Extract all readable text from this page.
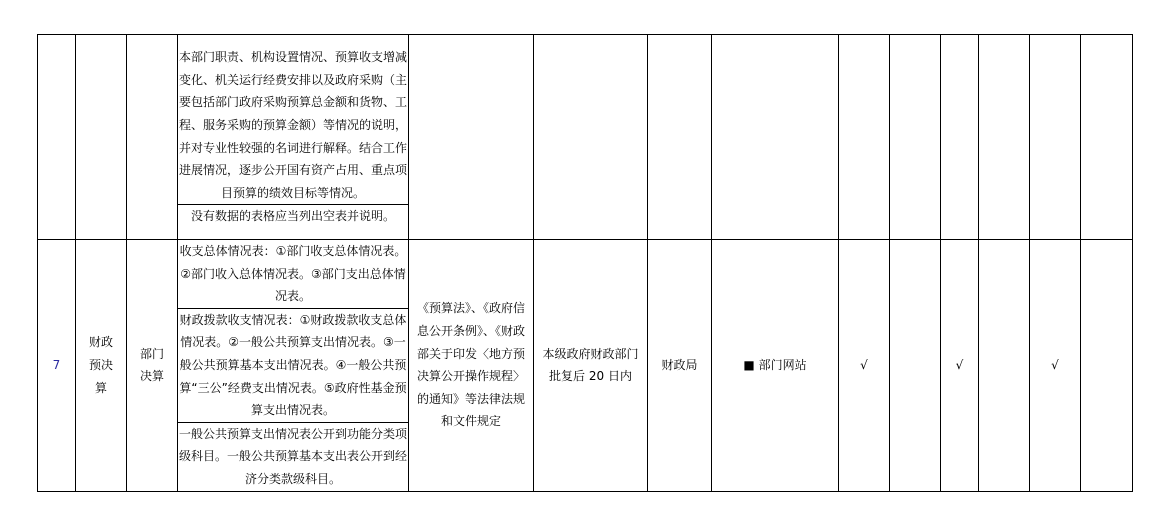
			本部门职责、机构设置情况、预算收支增减变化、机关运行经费安排以及政府采购（主要包括部门政府采购预算总金额和货物、工程、服务采购的预算金额）等情况的说明，并对专业性较强的名词进行解释。结合工作进展情况，逐步公开国有资产占用、重点项目预算的绩效目标等情况。
没有数据的表格应当列出空表并说明。										

7	财政预决算	部门决算	收支总体情况表：①部门收支总体情况表。②部门收入总体情况表。③部门支出总体情况表。
财政拨款收支情况表：①财政拨款收支总体情况表。②一般公共预算支出情况表。③一般公共预算基本支出情况表。④一般公共预算“三公”经费支出情况表。⑤政府性基金预算支出情况表。
一般公共预算支出情况表公开到功能分类项级科目。一般公共预算基本支出表公开到经济分类款级科目。	《预算法》、《政府信息公开条例》、《财政部关于印发〈地方预决算公开操作规程〉的通知》等法律法规和文件规定	本级政府财政部门批复后 20 日内	财政局	■ 部门网站	√		√		√	
